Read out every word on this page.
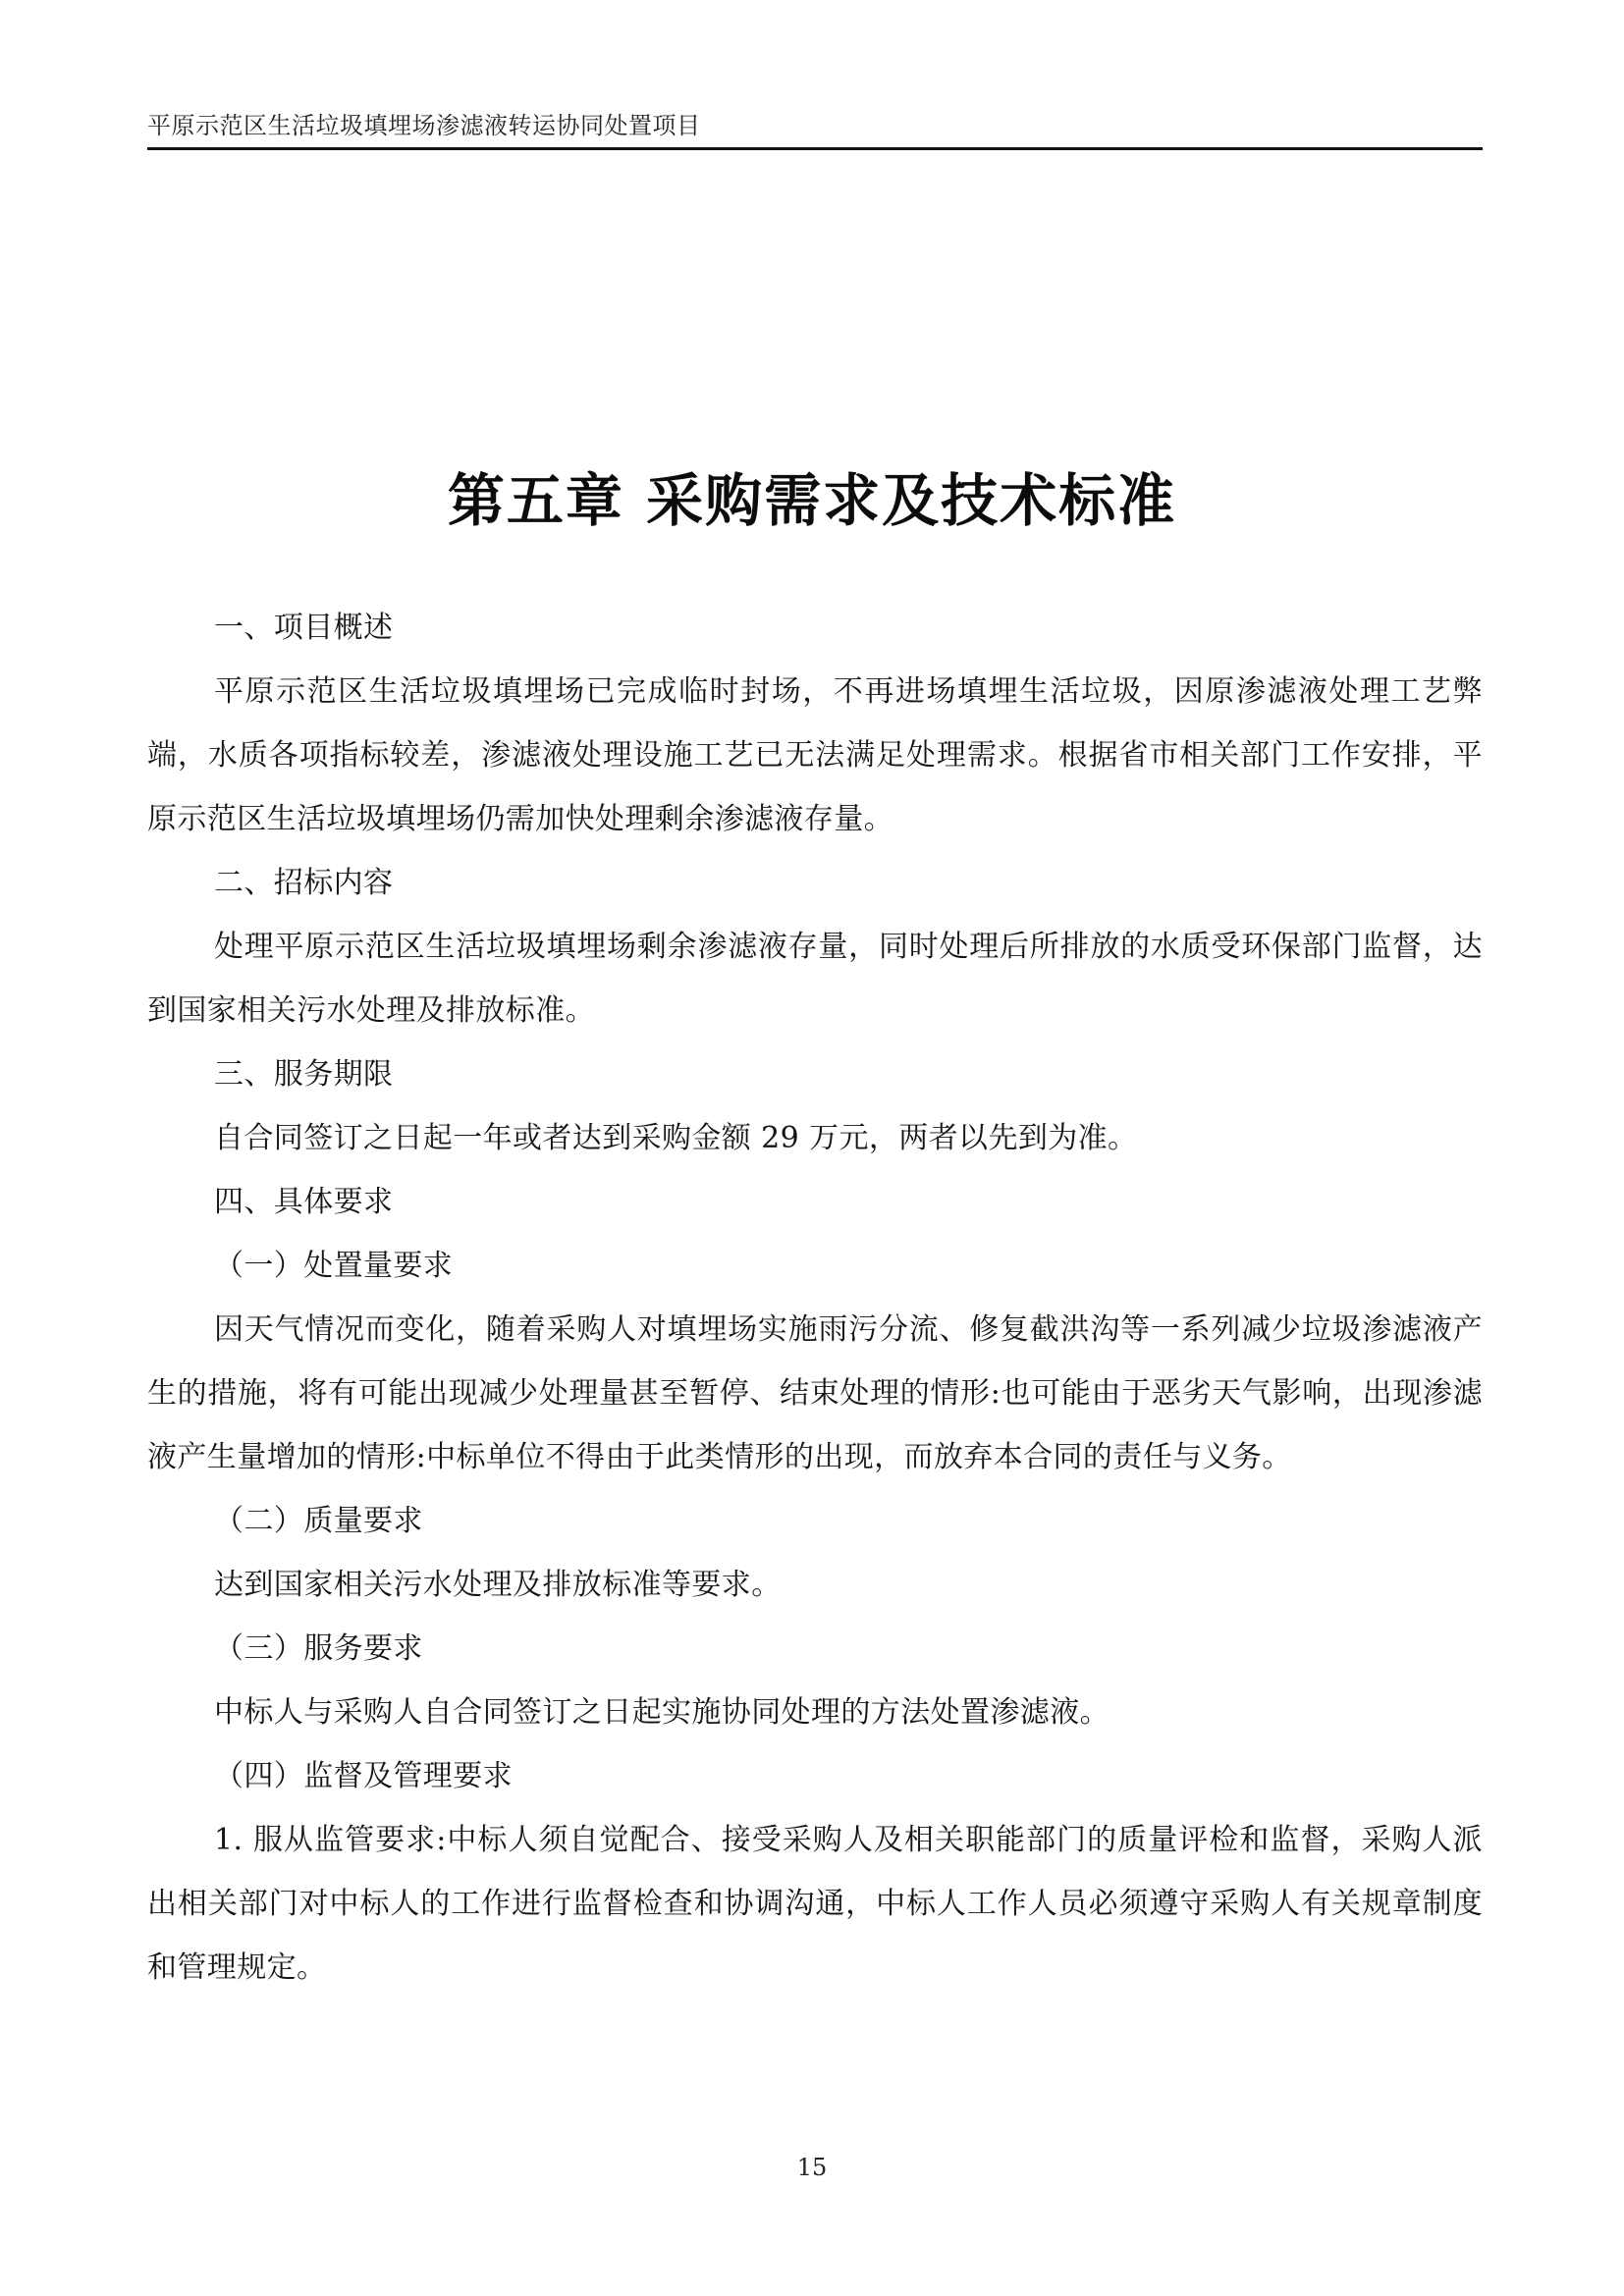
平原示范区生活垃圾填埋场渗滤液转运协同处置项目
第五章 采购需求及技术标准

一、项目概述

平原示范区生活垃圾填埋场已完成临时封场，不再进场填埋生活垃圾，因原渗滤液处理工艺弊端，水质各项指标较差，渗滤液处理设施工艺已无法满足处理需求。根据省市相关部门工作安排，平原示范区生活垃圾填埋场仍需加快处理剩余渗滤液存量。

二、招标内容

处理平原示范区生活垃圾填埋场剩余渗滤液存量，同时处理后所排放的水质受环保部门监督，达到国家相关污水处理及排放标准。

三、服务期限

自合同签订之日起一年或者达到采购金额 29 万元，两者以先到为准。

四、具体要求

（一）处置量要求

因天气情况而变化，随着采购人对填埋场实施雨污分流、修复截洪沟等一系列减少垃圾渗滤液产生的措施，将有可能出现减少处理量甚至暂停、结束处理的情形:也可能由于恶劣天气影响，出现渗滤液产生量增加的情形:中标单位不得由于此类情形的出现，而放弃本合同的责任与义务。

（二）质量要求

达到国家相关污水处理及排放标准等要求。

（三）服务要求

中标人与采购人自合同签订之日起实施协同处理的方法处置渗滤液。

（四）监督及管理要求

1. 服从监管要求:中标人须自觉配合、接受采购人及相关职能部门的质量评检和监督，采购人派出相关部门对中标人的工作进行监督检查和协调沟通，中标人工作人员必须遵守采购人有关规章制度和管理规定。

15
